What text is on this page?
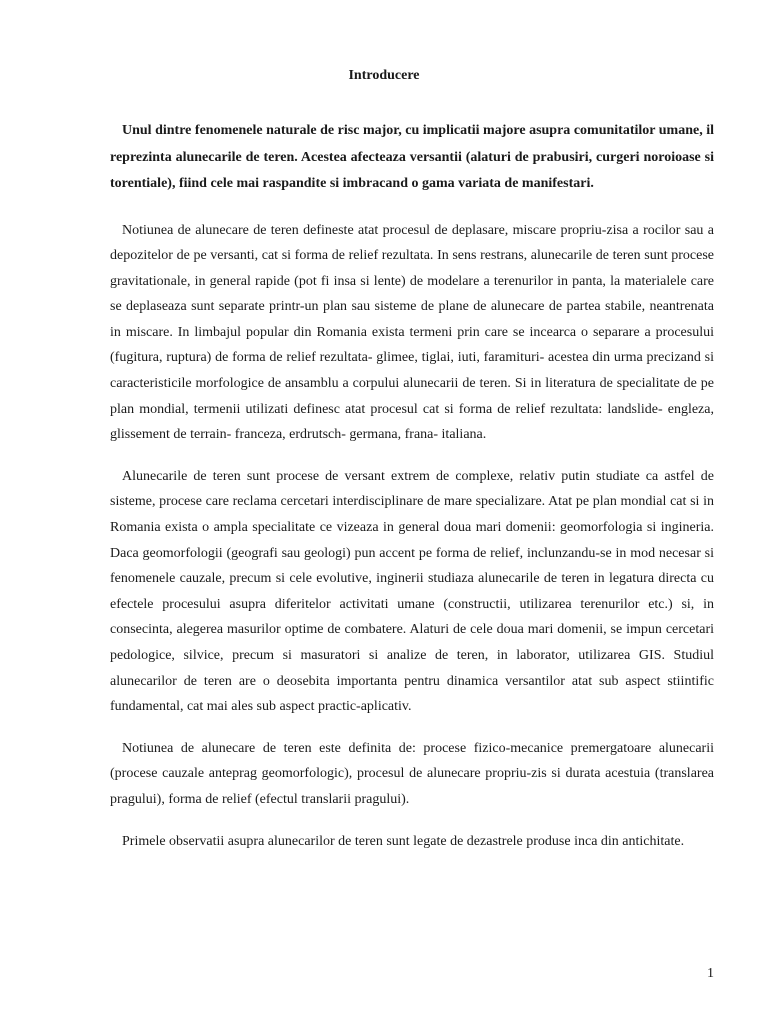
Introducere

Unul dintre fenomenele naturale de risc major, cu implicatii majore asupra comunitatilor umane, il reprezinta alunecarile de teren. Acestea afecteaza versantii (alaturi de prabusiri, curgeri noroioase si torentiale), fiind cele mai raspandite si imbracand o gama variata de manifestari.

Notiunea de alunecare de teren defineste atat procesul de deplasare, miscare propriu-zisa a rocilor sau a depozitelor de pe versanti, cat si forma de relief rezultata. In sens restrans, alunecarile de teren sunt procese gravitationale, in general rapide (pot fi insa si lente) de modelare a terenurilor in panta, la materialele care se deplaseaza sunt separate printr-un plan sau sisteme de plane de alunecare de partea stabile, neantrenata in miscare. In limbajul popular din Romania exista termeni prin care se incearca o separare a procesului (fugitura, ruptura) de forma de relief rezultata- glimee, tiglai, iuti, faramituri- acestea din urma precizand si caracteristicile morfologice de ansamblu a corpului alunecarii de teren. Si in literatura de specialitate de pe plan mondial, termenii utilizati definesc atat procesul cat si forma de relief rezultata: landslide- engleza, glissement de terrain- franceza, erdrutsch- germana, frana- italiana.

Alunecarile de teren sunt procese de versant extrem de complexe, relativ putin studiate ca astfel de sisteme, procese care reclama cercetari interdisciplinare de mare specializare. Atat pe plan mondial cat si in Romania exista o ampla specialitate ce vizeaza in general doua mari domenii: geomorfologia si ingineria. Daca geomorfologii (geografi sau geologi) pun accent pe forma de relief, inclunzandu-se in mod necesar si fenomenele cauzale, precum si cele evolutive, inginerii studiaza alunecarile de teren in legatura directa cu efectele procesului asupra diferitelor activitati umane (constructii, utilizarea terenurilor etc.) si, in consecinta, alegerea masurilor optime de combatere. Alaturi de cele doua mari domenii, se impun cercetari pedologice, silvice, precum si masuratori si analize de teren, in laborator, utilizarea GIS. Studiul alunecarilor de teren are o deosebita importanta pentru dinamica versantilor atat sub aspect stiintific fundamental, cat mai ales sub aspect practic-aplicativ.

Notiunea de alunecare de teren este definita de: procese fizico-mecanice premergatoare alunecarii (procese cauzale anteprag geomorfologic), procesul de alunecare propriu-zis si durata acestuia (translarea pragului), forma de relief (efectul translarii pragului).

Primele observatii asupra alunecarilor de teren sunt legate de dezastrele produse inca din antichitate.

1
